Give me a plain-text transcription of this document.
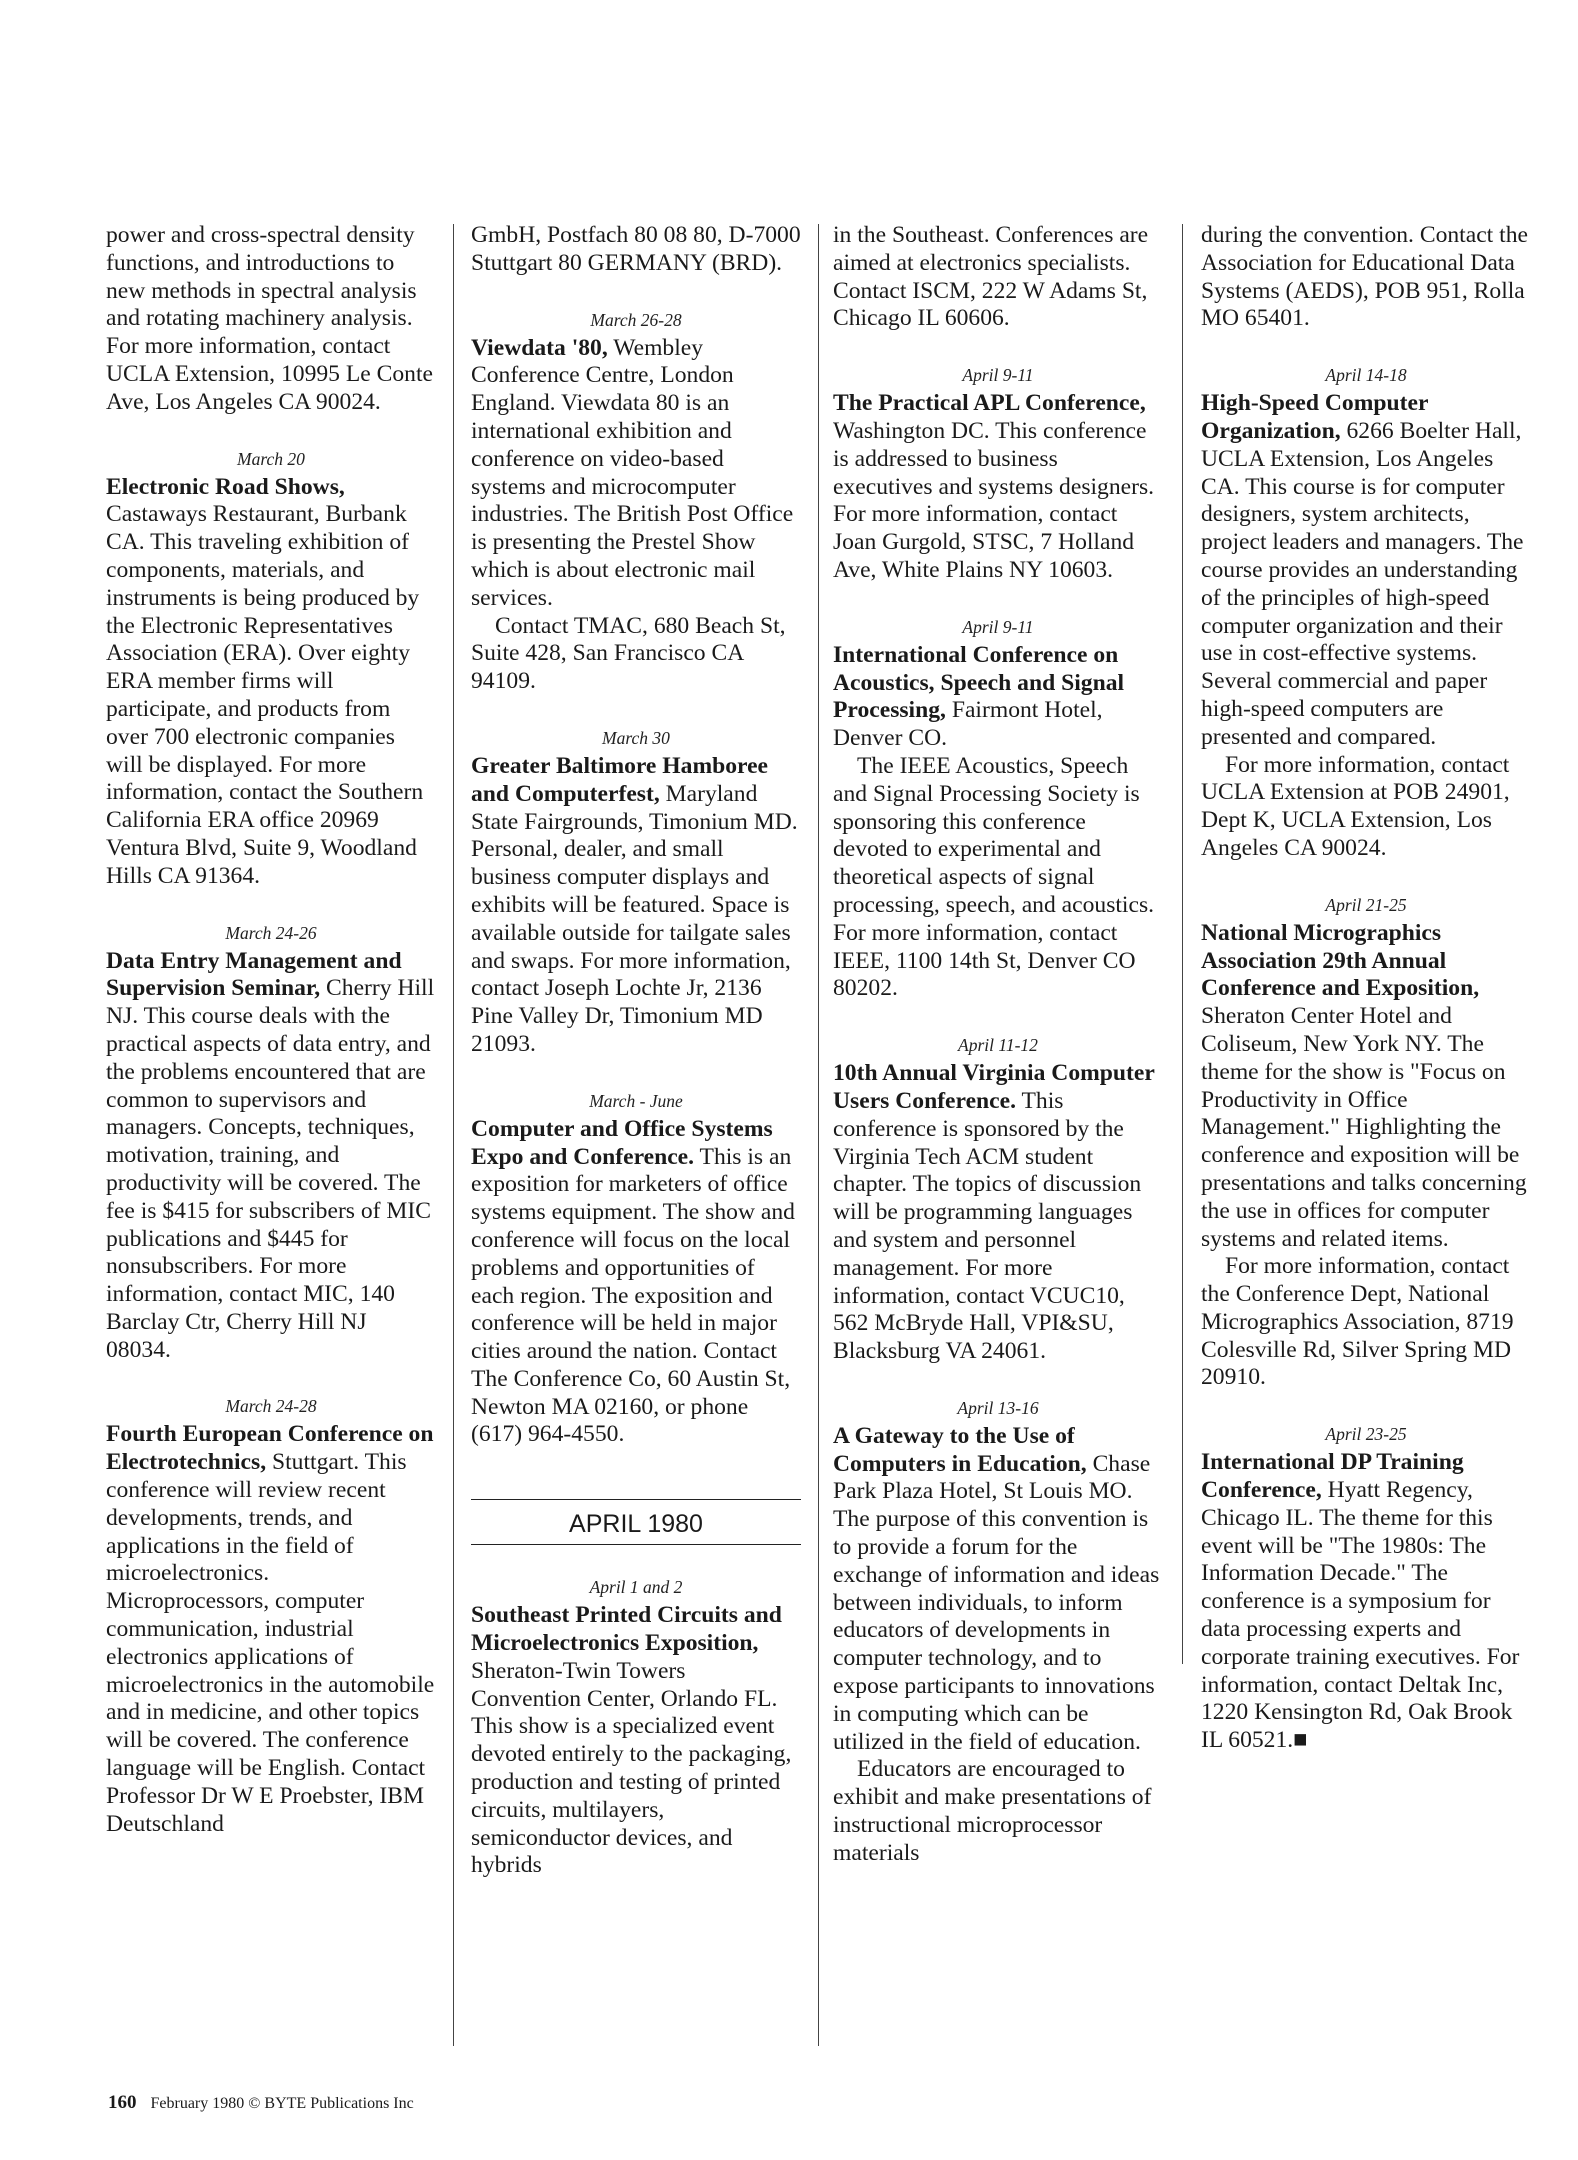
power and cross-spectral density functions, and introductions to new methods in spectral analysis and rotating machinery analysis. For more information, contact UCLA Extension, 10995 Le Conte Ave, Los Angeles CA 90024.

March 20

Electronic Road Shows, Castaways Restaurant, Burbank CA. This traveling exhibition of components, materials, and instruments is being produced by the Electronic Representatives Association (ERA). Over eighty ERA member firms will participate, and products from over 700 electronic companies will be displayed. For more information, contact the Southern California ERA office 20969 Ventura Blvd, Suite 9, Woodland Hills CA 91364.

March 24-26

Data Entry Management and Supervision Seminar, Cherry Hill NJ. This course deals with the practical aspects of data entry, and the problems encountered that are common to supervisors and managers. Concepts, techniques, motivation, training, and productivity will be covered. The fee is $415 for subscribers of MIC publications and $445 for nonsubscribers. For more information, contact MIC, 140 Barclay Ctr, Cherry Hill NJ 08034.

March 24-28

Fourth European Conference on Electrotechnics, Stuttgart. This conference will review recent developments, trends, and applications in the field of microelectronics. Microprocessors, computer communication, industrial electronics applications of microelectronics in the automobile and in medicine, and other topics will be covered. The conference language will be English. Contact Professor Dr W E Proebster, IBM Deutschland

GmbH, Postfach 80 08 80, D-7000 Stuttgart 80 GERMANY (BRD).

March 26-28

Viewdata '80, Wembley Conference Centre, London England. Viewdata 80 is an international exhibition and conference on video-based systems and microcomputer industries. The British Post Office is presenting the Prestel Show which is about electronic mail services.

Contact TMAC, 680 Beach St, Suite 428, San Francisco CA 94109.

March 30

Greater Baltimore Hamboree and Computerfest, Maryland State Fairgrounds, Timonium MD. Personal, dealer, and small business computer displays and exhibits will be featured. Space is available outside for tailgate sales and swaps. For more information, contact Joseph Lochte Jr, 2136 Pine Valley Dr, Timonium MD 21093.

March - June

Computer and Office Systems Expo and Conference. This is an exposition for marketers of office systems equipment. The show and conference will focus on the local problems and opportunities of each region. The exposition and conference will be held in major cities around the nation. Contact The Conference Co, 60 Austin St, Newton MA 02160, or phone (617) 964-4550.

APRIL 1980
April 1 and 2

Southeast Printed Circuits and Microelectronics Exposition, Sheraton-Twin Towers Convention Center, Orlando FL. This show is a specialized event devoted entirely to the packaging, production and testing of printed circuits, multilayers, semiconductor devices, and hybrids

in the Southeast. Conferences are aimed at electronics specialists. Contact ISCM, 222 W Adams St, Chicago IL 60606.

April 9-11

The Practical APL Conference, Washington DC. This conference is addressed to business executives and systems designers. For more information, contact Joan Gurgold, STSC, 7 Holland Ave, White Plains NY 10603.

April 9-11

International Conference on Acoustics, Speech and Signal Processing, Fairmont Hotel, Denver CO.

The IEEE Acoustics, Speech and Signal Processing Society is sponsoring this conference devoted to experimental and theoretical aspects of signal processing, speech, and acoustics. For more information, contact IEEE, 1100 14th St, Denver CO 80202.

April 11-12

10th Annual Virginia Computer Users Conference. This conference is sponsored by the Virginia Tech ACM student chapter. The topics of discussion will be programming languages and system and personnel management. For more information, contact VCUC10, 562 McBryde Hall, VPI&SU, Blacksburg VA 24061.

April 13-16

A Gateway to the Use of Computers in Education, Chase Park Plaza Hotel, St Louis MO. The purpose of this convention is to provide a forum for the exchange of information and ideas between individuals, to inform educators of developments in computer technology, and to expose participants to innovations in computing which can be utilized in the field of education.

Educators are encouraged to exhibit and make presentations of instructional microprocessor materials

during the convention. Contact the Association for Educational Data Systems (AEDS), POB 951, Rolla MO 65401.

April 14-18

High-Speed Computer Organization, 6266 Boelter Hall, UCLA Extension, Los Angeles CA. This course is for computer designers, system architects, project leaders and managers. The course provides an understanding of the principles of high-speed computer organization and their use in cost-effective systems. Several commercial and paper high-speed computers are presented and compared.

For more information, contact UCLA Extension at POB 24901, Dept K, UCLA Extension, Los Angeles CA 90024.

April 21-25

National Micrographics Association 29th Annual Conference and Exposition, Sheraton Center Hotel and Coliseum, New York NY. The theme for the show is "Focus on Productivity in Office Management." Highlighting the conference and exposition will be presentations and talks concerning the use in offices for computer systems and related items.

For more information, contact the Conference Dept, National Micrographics Association, 8719 Colesville Rd, Silver Spring MD 20910.

April 23-25

International DP Training Conference, Hyatt Regency, Chicago IL. The theme for this event will be "The 1980s: The Information Decade." The conference is a symposium for data processing experts and corporate training executives. For information, contact Deltak Inc, 1220 Kensington Rd, Oak Brook IL 60521.■

160 February 1980 © BYTE Publications Inc
